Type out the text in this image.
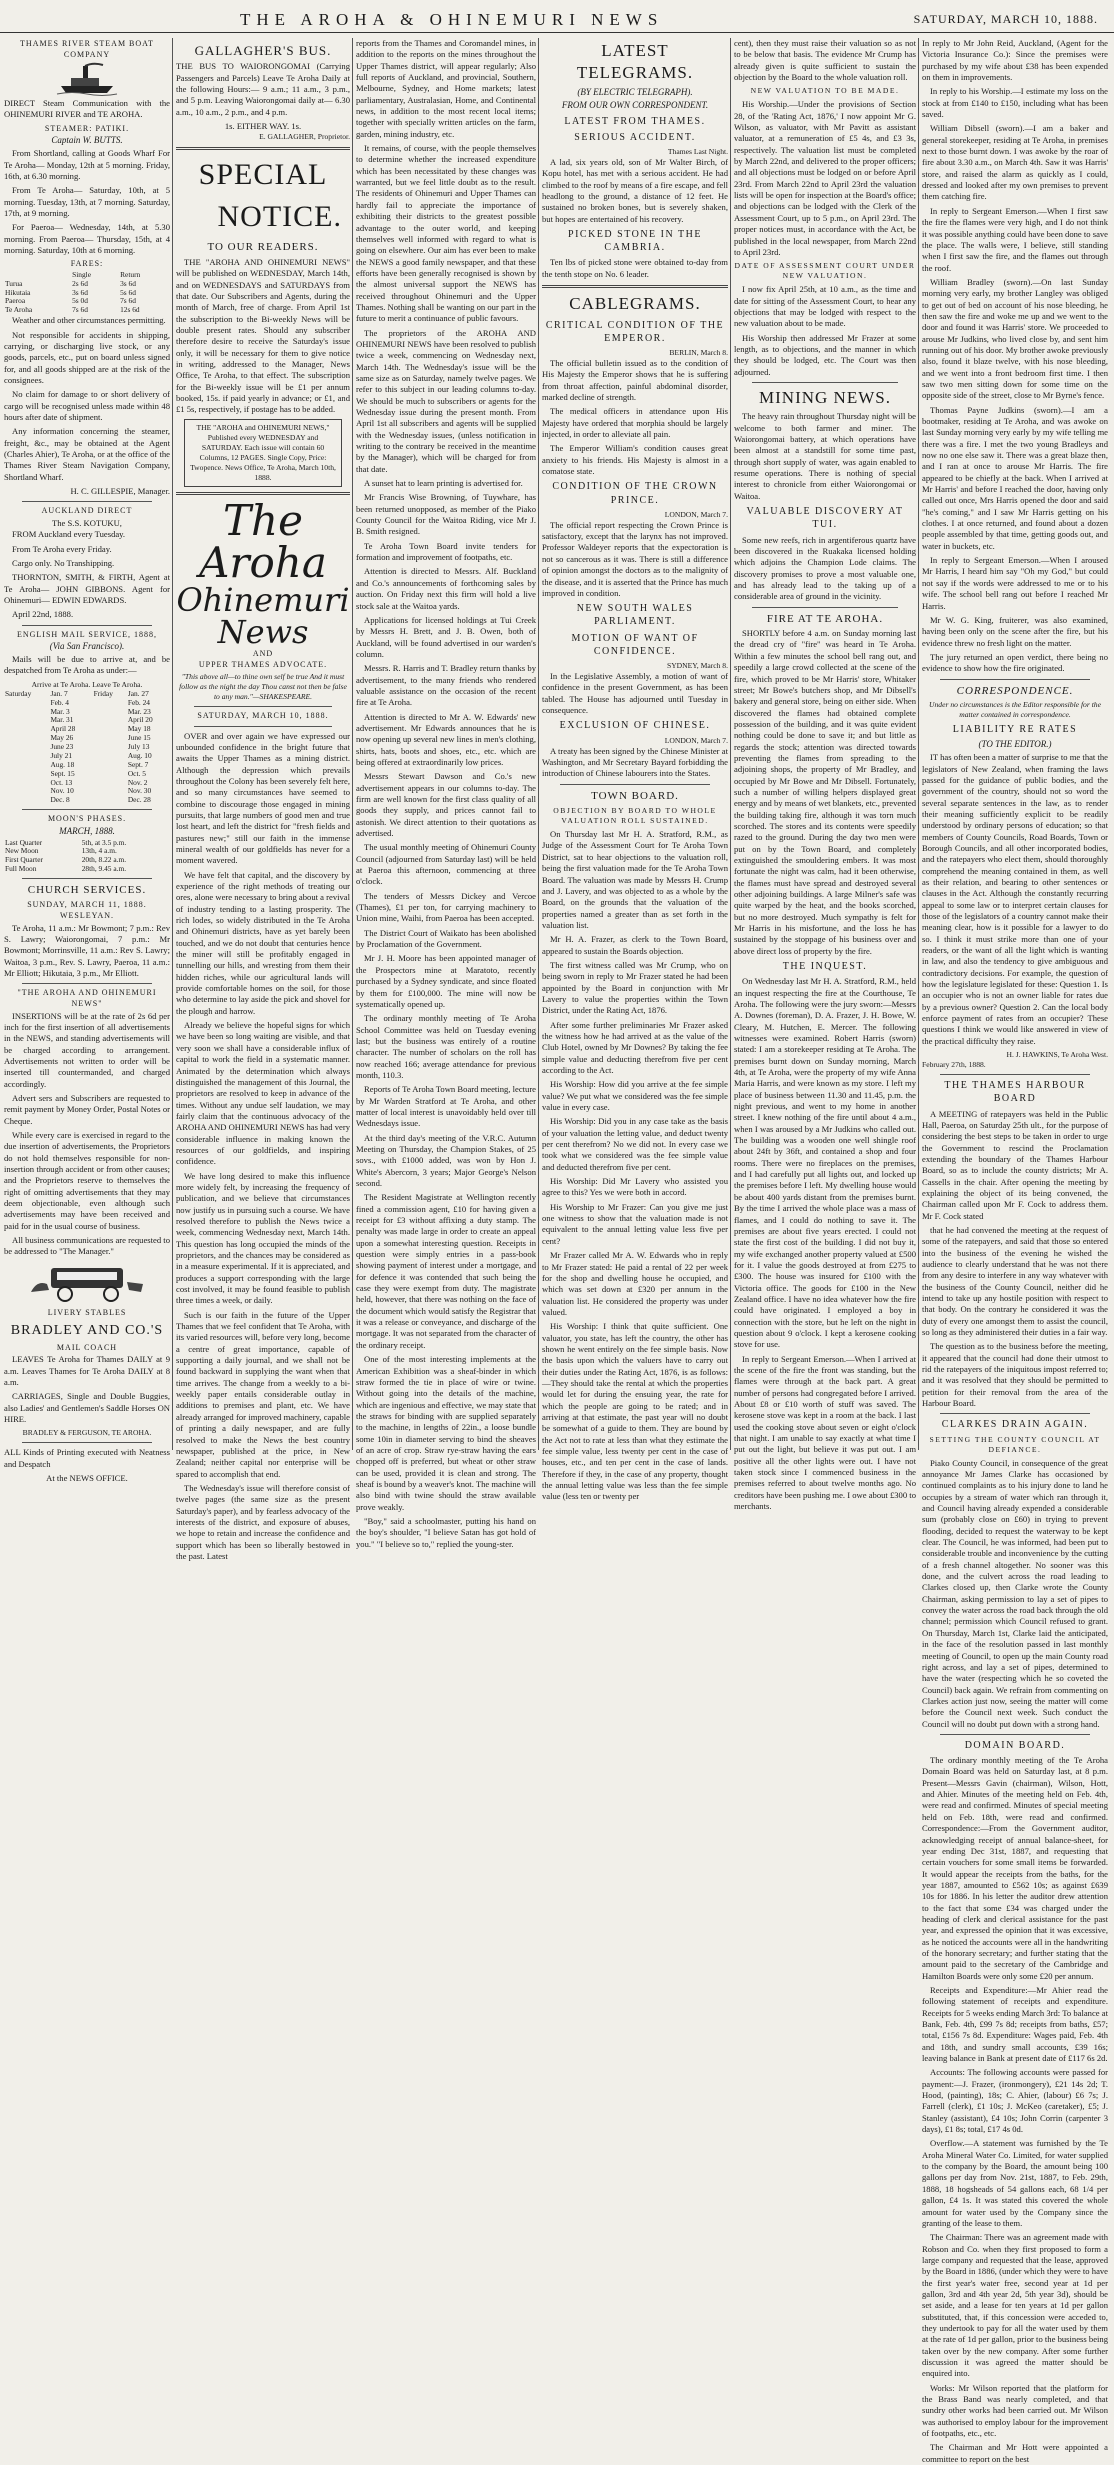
THE AROHA & OHINEMURI NEWS	SATURDAY, MARCH 10, 1888.
THAMES RIVER STEAM BOAT COMPANY

DIRECT Steam Communication with the OHINEMURI RIVER and TE AROHA.

STEAMER: PATIKI.
Captain W. BUTTS.

From Shortland, calling at Goods Wharf For Te Aroha— Monday, 12th at 5 morning. Friday, 16th, at 6.30 morning.

From Te Aroha— Saturday, 10th, at 5 morning. Tuesday, 13th, at 7 morning. Saturday, 17th, at 9 morning.

For Paeroa— Wednesday, 14th, at 5.30 morning. From Paeroa— Thursday, 15th, at 4 morning. Saturday, 10th at 6 morning.

FARES:
	Single	Return
Turua	2s 6d	3s 6d
Hikutaia	3s 6d	5s 6d
Paeroa	5s 0d	7s 6d
Te Aroha	7s 6d	12s 6d

Weather and other circumstances permitting.

Not responsible for accidents in shipping, carrying, or discharging live stock, or any goods, parcels, etc., put on board unless signed for, and all goods shipped are at the risk of the consignees.

No claim for damage to or short delivery of cargo will be recognised unless made within 48 hours after date of shipment.

Any information concerning the steamer, freight, &c., may be obtained at the Agent (Charles Ahier), Te Aroha, or at the office of the Thames River Steam Navigation Company, Shortland Wharf.

H. C. GILLESPIE, Manager.
AUCKLAND DIRECT
The S.S. KOTUKU,

FROM Auckland every Tuesday.

From Te Aroha every Friday.

Cargo only. No Transhipping.

THORNTON, SMITH, & FIRTH, Agent at Te Aroha— JOHN GIBBONS. Agent for Ohinemuri— EDWIN EDWARDS.

April 22nd, 1888.

ENGLISH MAIL SERVICE, 1888,
(Via San Francisco).

Mails will be due to arrive at, and be despatched from Te Aroha as under:—

Arrive at Te Aroha. Leave Te Aroha.
Saturday	Jan. 7	Friday	Jan. 27
	Feb. 4		Feb. 24
	Mar. 3		Mar. 23
	Mar. 31		April 20
	April 28		May 18
	May 26		June 15
	June 23		July 13
	July 21		Aug. 10
	Aug. 18		Sept. 7
	Sept. 15		Oct. 5
	Oct. 13		Nov. 2
	Nov. 10		Nov. 30
	Dec. 8		Dec. 28
MOON'S PHASES.
MARCH, 1888.
Last Quarter	5th, at 3.5 p.m.
New Moon	13th, 4 a.m.
First Quarter	20th, 8.22 a.m.
Full Moon	28th, 9.45 a.m.
CHURCH SERVICES.
SUNDAY, MARCH 11, 1888.
WESLEYAN.

Te Aroha, 11 a.m.: Mr Bowmont; 7 p.m.: Rev S. Lawry; Waiorongomai, 7 p.m.: Mr Bowmont; Morrinsville, 11 a.m.: Rev S. Lawry; Waitoa, 3 p.m., Rev. S. Lawry, Paeroa, 11 a.m.: Mr Elliott; Hikutaia, 3 p.m., Mr Elliott.

"THE AROHA AND OHINEMURI NEWS"

INSERTIONS will be at the rate of 2s 6d per inch for the first insertion of all advertisements in the NEWS, and standing advertisements will be charged according to arrangement. Advertisements not written to order will be inserted till countermanded, and charged accordingly.

Advert sers and Subscribers are requested to remit payment by Money Order, Postal Notes or Cheque.

While every care is exercised in regard to the due insertion of advertisements, the Proprietors do not hold themselves responsible for non-insertion through accident or from other causes; and the Proprietors reserve to themselves the right of omitting advertisements that they may deem objectionable, even although such advertisements may have been received and paid for in the usual course of business.

All business communications are requested to be addressed to "The Manager."

LIVERY STABLES
BRADLEY AND CO.'S
MAIL COACH

LEAVES Te Aroha for Thames DAILY at 9 a.m. Leaves Thames for Te Aroha DAILY at 8 a.m.

CARRIAGES, Single and Double Buggies, also Ladies' and Gentlemen's Saddle Horses ON HIRE.

BRADLEY & FERGUSON, TE AROHA.

ALL Kinds of Printing executed with Neatness and Despatch

At the NEWS OFFICE.
GALLAGHER'S BUS.

THE BUS TO WAIORONGOMAI (Carrying Passengers and Parcels) Leave Te Aroha Daily at the following Hours:— 9 a.m.; 11 a.m., 3 p.m., and 5 p.m. Leaving Waiorongomai daily at— 6.30 a.m., 10 a.m., 2 p.m., and 4 p.m.

1s. EITHER WAY. 1s.
E. GALLAGHER, Proprietor.
SPECIAL
NOTICE.
TO OUR READERS.

THE "AROHA AND OHINEMURI NEWS" will be published on WEDNESDAY, March 14th, and on WEDNESDAYS and SATURDAYS from that date. Our Subscribers and Agents, during the month of March, free of charge. From April 1st the subscription to the Bi-weekly News will be double present rates. Should any subscriber therefore desire to receive the Saturday's issue only, it will be necessary for them to give notice in writing, addressed to the Manager, News Office, Te Aroha, to that effect. The subscription for the Bi-weekly issue will be £1 per annum booked, 15s. if paid yearly in advance; or £1, and £1 5s, respectively, if postage has to be added.

THE "AROHA and OHINEMURI NEWS," Published every WEDNESDAY and SATURDAY. Each issue will contain 60 Columns, 12 PAGES. Single Copy, Price: Twopence. News Office, Te Aroha, March 10th, 1888.
The Aroha
Ohinemuri News
AND
UPPER THAMES ADVOCATE.
"This above all—to thine own self be true And it must follow as the night the day Thou canst not then be false to any man."—SHAKESPEARE.
SATURDAY, MARCH 10, 1888.

OVER and over again we have expressed our unbounded confidence in the bright future that awaits the Upper Thames as a mining district. Although the depression which prevails throughout the Colony has been severely felt here, and so many circumstances have seemed to combine to discourage those engaged in mining pursuits, that large numbers of good men and true lost heart, and left the district for "fresh fields and pastures new;" still our faith in the immense mineral wealth of our goldfields has never for a moment wavered.

We have felt that capital, and the discovery by experience of the right methods of treating our ores, alone were necessary to bring about a revival of industry tending to a lasting prosperity. The rich lodes, so widely distributed in the Te Aroha and Ohinemuri districts, have as yet barely been touched, and we do not doubt that centuries hence the miner will still be profitably engaged in tunnelling our hills, and wresting from them their hidden riches, while our agricultural lands will provide comfortable homes on the soil, for those who determine to lay aside the pick and shovel for the plough and harrow.

Already we believe the hopeful signs for which we have been so long waiting are visible, and that very soon we shall have a considerable influx of capital to work the field in a systematic manner. Animated by the determination which always distinguished the management of this Journal, the proprietors are resolved to keep in advance of the times. Without any undue self laudation, we may fairly claim that the continuous advocacy of the AROHA AND OHINEMURI NEWS has had very considerable influence in making known the resources of our goldfields, and inspiring confidence.

We have long desired to make this influence more widely felt, by increasing the frequency of publication, and we believe that circumstances now justify us in pursuing such a course. We have resolved therefore to publish the News twice a week, commencing Wednesday next, March 14th. This question has long occupied the minds of the proprietors, and the chances may be considered as in a measure experimental. If it is appreciated, and produces a support corresponding with the large cost involved, it may be found feasible to publish three times a week, or daily.

Such is our faith in the future of the Upper Thames that we feel confident that Te Aroha, with its varied resources will, before very long, become a centre of great importance, capable of supporting a daily journal, and we shall not be found backward in supplying the want when that time arrives. The change from a weekly to a bi-weekly paper entails considerable outlay in additions to premises and plant, etc. We have already arranged for improved machinery, capable of printing a daily newspaper, and are fully resolved to make the News the best country newspaper, published at the price, in New Zealand; neither capital nor enterprise will be spared to accomplish that end.

The Wednesday's issue will therefore consist of twelve pages (the same size as the present Saturday's paper), and by fearless advocacy of the interests of the district, and exposure of abuses, we hope to retain and increase the confidence and support which has been so liberally bestowed in the past. Latest

reports from the Thames and Coromandel mines, in addition to the reports on the mines throughout the Upper Thames district, will appear regularly; Also full reports of Auckland, and provincial, Southern, Melbourne, Sydney, and Home markets; latest parliamentary, Australasian, Home, and Continental news, in addition to the most recent local items; together with specially written articles on the farm, garden, mining industry, etc.

It remains, of course, with the people themselves to determine whether the increased expenditure which has been necessitated by these changes was warranted, but we feel little doubt as to the result. The residents of Ohinemuri and Upper Thames can hardly fail to appreciate the importance of exhibiting their districts to the greatest possible advantage to the outer world, and keeping themselves well informed with regard to what is going on elsewhere. Our aim has ever been to make the NEWS a good family newspaper, and that these efforts have been generally recognised is shown by the almost universal support the NEWS has received throughout Ohinemuri and the Upper Thames. Nothing shall be wanting on our part in the future to merit a continuance of public favours.

The proprietors of the AROHA AND OHINEMURI NEWS have been resolved to publish twice a week, commencing on Wednesday next, March 14th. The Wednesday's issue will be the same size as on Saturday, namely twelve pages. We refer to this subject in our leading columns to-day. We should be much to subscribers or agents for the Wednesday issue during the present month. From April 1st all subscribers and agents will be supplied with the Wednesday issues, (unless notification in writing to the contrary be received in the meantime by the Manager), which will be charged for from that date.

A sunset hat to learn printing is advertised for.

Mr Francis Wise Browning, of Tuywhare, has been returned unopposed, as member of the Piako County Council for the Waitoa Riding, vice Mr J. B. Smith resigned.

Te Aroha Town Board invite tenders for formation and improvement of footpaths, etc.

Attention is directed to Messrs. Alf. Buckland and Co.'s announcements of forthcoming sales by auction. On Friday next this firm will hold a live stock sale at the Waitoa yards.

Applications for licensed holdings at Tui Creek by Messrs H. Brett, and J. B. Owen, both of Auckland, will be found advertised in our warden's column.

Messrs. R. Harris and T. Bradley return thanks by advertisement, to the many friends who rendered valuable assistance on the occasion of the recent fire at Te Aroha.

Attention is directed to Mr A. W. Edwards' new advertisement. Mr Edwards announces that he is now opening up several new lines in men's clothing, shirts, hats, boots and shoes, etc., etc. which are being offered at extraordinarily low prices.

Messrs Stewart Dawson and Co.'s new advertisement appears in our columns to-day. The firm are well known for the first class quality of all goods they supply, and prices cannot fail to astonish. We direct attention to their quotations as advertised.

The usual monthly meeting of Ohinemuri County Council (adjourned from Saturday last) will be held at Paeroa this afternoon, commencing at three o'clock.

The tenders of Messrs Dickey and Vercoe (Thames), £1 per ton, for carrying machinery to Union mine, Waihi, from Paeroa has been accepted.

The District Court of Waikato has been abolished by Proclamation of the Government.

Mr J. H. Moore has been appointed manager of the Prospectors mine at Maratoto, recently purchased by a Sydney syndicate, and since floated by them for £100,000. The mine will now be systematically opened up.

The ordinary monthly meeting of Te Aroha School Committee was held on Tuesday evening last; but the business was entirely of a routine character. The number of scholars on the roll has now reached 166; average attendance for previous month, 110.3.

Reports of Te Aroha Town Board meeting, lecture by Mr Warden Stratford at Te Aroha, and other matter of local interest is unavoidably held over till Wednesdays issue.

At the third day's meeting of the V.R.C. Autumn Meeting on Thursday, the Champion Stakes, of 25 sovs., with £1000 added, was won by Hon J. White's Abercorn, 3 years; Major George's Nelson second.

The Resident Magistrate at Wellington recently fined a commission agent, £10 for having given a receipt for £3 without affixing a duty stamp. The penalty was made large in order to create an appeal upon a somewhat interesting question. Receipts in question were simply entries in a pass-book showing payment of interest under a mortgage, and for defence it was contended that such being the case they were exempt from duty. The magistrate held, however, that there was nothing on the face of the document which would satisfy the Registrar that it was a release or conveyance, and discharge of the mortgage. It was not separated from the character of the ordinary receipt.

One of the most interesting implements at the American Exhibition was a sheaf-binder in which straw formed the tie in place of wire or twine. Without going into the details of the machine, which are ingenious and effective, we may state that the straws for binding with are supplied separately to the machine, in lengths of 22in., a loose bundle some 10in in diameter serving to bind the sheaves of an acre of crop. Straw rye-straw having the ears chopped off is preferred, but wheat or other straw can be used, provided it is clean and strong. The sheaf is bound by a weaver's knot. The machine will also bind with twine should the straw available prove weakly.

"Boy," said a schoolmaster, putting his hand on the boy's shoulder, "I believe Satan has got hold of you." "I believe so to," replied the young-ster.

LATEST TELEGRAMS.
(BY ELECTRIC TELEGRAPH).
FROM OUR OWN CORRESPONDENT.
LATEST FROM THAMES.
SERIOUS ACCIDENT.
Thames Last Night.

A lad, six years old, son of Mr Walter Birch, of Kopu hotel, has met with a serious accident. He had climbed to the roof by means of a fire escape, and fell headlong to the ground, a distance of 12 feet. He sustained no broken bones, but is severely shaken, but hopes are entertained of his recovery.

PICKED STONE IN THE CAMBRIA.

Ten lbs of picked stone were obtained to-day from the tenth stope on No. 6 leader.

CABLEGRAMS.
CRITICAL CONDITION OF THE EMPEROR.
BERLIN, March 8.

The official bulletin issued as to the condition of His Majesty the Emperor shows that he is suffering from throat affection, painful abdominal disorder, marked decline of strength.

The medical officers in attendance upon His Majesty have ordered that morphia should be largely injected, in order to alleviate all pain.

The Emperor William's condition causes great anxiety to his friends. His Majesty is almost in a comatose state.

CONDITION OF THE CROWN PRINCE.
LONDON, March 7.

The official report respecting the Crown Prince is satisfactory, except that the larynx has not improved. Professor Waldeyer reports that the expectoration is not so cancerous as it was. There is still a difference of opinion amongst the doctors as to the malignity of the disease, and it is asserted that the Prince has much improved in condition.

NEW SOUTH WALES PARLIAMENT.
MOTION OF WANT OF CONFIDENCE.
SYDNEY, March 8.

In the Legislative Assembly, a motion of want of confidence in the present Government, as has been tabled. The House has adjourned until Tuesday in consequence.

EXCLUSION OF CHINESE.
LONDON, March 7.

A treaty has been signed by the Chinese Minister at Washington, and Mr Secretary Bayard forbidding the introduction of Chinese labourers into the States.

TOWN BOARD.
OBJECTION BY BOARD TO WHOLE VALUATION ROLL SUSTAINED.

On Thursday last Mr H. A. Stratford, R.M., as Judge of the Assessment Court for Te Aroha Town District, sat to hear objections to the valuation roll, being the first valuation made for the Te Aroha Town Board. The valuation was made by Messrs H. Crump and J. Lavery, and was objected to as a whole by the Board, on the grounds that the valuation of the properties named a greater than as set forth in the valuation list.

Mr H. A. Frazer, as clerk to the Town Board, appeared to sustain the Boards objection.

The first witness called was Mr Crump, who on being sworn in reply to Mr Frazer stated he had been appointed by the Board in conjunction with Mr Lavery to value the properties within the Town District, under the Rating Act, 1876.

After some further preliminaries Mr Frazer asked the witness how he had arrived at as the value of the Club Hotel, owned by Mr Downes? By taking the fee simple value and deducting therefrom five per cent according to the Act.

His Worship: How did you arrive at the fee simple value? We put what we considered was the fee simple value in every case.

His Worship: Did you in any case take as the basis of your valuation the letting value, and deduct twenty per cent therefrom? No we did not. In every case we took what we considered was the fee simple value and deducted therefrom five per cent.

His Worship: Did Mr Lavery who assisted you agree to this? Yes we were both in accord.

His Worship to Mr Frazer: Can you give me just one witness to show that the valuation made is not equivalent to the annual letting value less five per cent?

Mr Frazer called Mr A. W. Edwards who in reply to Mr Frazer stated: He paid a rental of 22 per week for the shop and dwelling house he occupied, and which was set down at £320 per annum in the valuation list. He considered the property was under valued.

His Worship: I think that quite sufficient. One valuator, you state, has left the country, the other has shown he went entirely on the fee simple basis. Now the basis upon which the valuers have to carry out their duties under the Rating Act, 1876, is as follows:—They should take the rental at which the properties would let for during the ensuing year, the rate for which the people are going to be rated; and in arriving at that estimate, the past year will no doubt be somewhat of a guide to them. They are bound by the Act not to rate at less than what they estimate the fee simple value, less twenty per cent in the case of houses, etc., and ten per cent in the case of lands. Therefore if they, in the case of any property, thought the annual letting value was less than the fee simple value (less ten or twenty per

cent), then they must raise their valuation so as not to be below that basis. The evidence Mr Crump has already given is quite sufficient to sustain the objection by the Board to the whole valuation roll.

NEW VALUATION TO BE MADE.

His Worship.—Under the provisions of Section 28, of the 'Rating Act, 1876,' I now appoint Mr G. Wilson, as valuator, with Mr Pavitt as assistant valuator, at a remuneration of £5 4s, and £3 3s, respectively. The valuation list must be completed by March 22nd, and delivered to the proper officers; and all objections must be lodged on or before April 23rd. From March 22nd to April 23rd the valuation lists will be open for inspection at the Board's office; and objections can be lodged with the Clerk of the Assessment Court, up to 5 p.m., on April 23rd. The proper notices must, in accordance with the Act, be published in the local newspaper, from March 22nd to April 23rd.

DATE OF ASSESSMENT COURT UNDER NEW VALUATION.

I now fix April 25th, at 10 a.m., as the time and date for sitting of the Assessment Court, to hear any objections that may be lodged with respect to the new valuation about to be made.

His Worship then addressed Mr Frazer at some length, as to objections, and the manner in which they should be lodged, etc. The Court was then adjourned.

MINING NEWS.

The heavy rain throughout Thursday night will be welcome to both farmer and miner. The Waiorongomai battery, at which operations have been almost at a standstill for some time past, through short supply of water, was again enabled to resume operations. There is nothing of special interest to chronicle from either Waiorongomai or Waitoa.

VALUABLE DISCOVERY AT TUI.

Some new reefs, rich in argentiferous quartz have been discovered in the Ruakaka licensed holding which adjoins the Champion Lode claims. The discovery promises to prove a most valuable one, and has already lead to the taking up of a considerable area of ground in the vicinity.

FIRE AT TE AROHA.

SHORTLY before 4 a.m. on Sunday morning last the dread cry of "fire" was heard in Te Aroha. Within a few minutes the school bell rang out, and speedily a large crowd collected at the scene of the fire, which proved to be Mr Harris' store, Whitaker street; Mr Bowe's butchers shop, and Mr Dibsell's bakery and general store, being on either side. When discovered the flames had obtained complete possession of the building, and it was quite evident nothing could be done to save it; and but little as regards the stock; attention was directed towards preventing the flames from spreading to the adjoining shops, the property of Mr Bradley, and occupied by Mr Bowe and Mr Dibsell. Fortunately, such a number of willing helpers displayed great energy and by means of wet blankets, etc., prevented the building taking fire, although it was torn much scorched. The stores and its contents were speedily razed to the ground. During the day two men were put on by the Town Board, and completely extinguished the smouldering embers. It was most fortunate the night was calm, had it been otherwise, the flames must have spread and destroyed several other adjoining buildings. A large Milner's safe was quite warped by the heat, and the books scorched, but no more destroyed. Much sympathy is felt for Mr Harris in his misfortune, and the loss he has sustained by the stoppage of his business over and above direct loss of property by the fire.

THE INQUEST.

On Wednesday last Mr H. A. Stratford, R.M., held an inquest respecting the fire at the Courthouse, Te Aroha. The following were the jury sworn:—Messrs A. Downes (foreman), D. A. Frazer, J. H. Bowe, W. Cleary, M. Hutchen, E. Mercer. The following witnesses were examined. Robert Harris (sworn) stated: I am a storekeeper residing at Te Aroha. The premises burnt down on Sunday morning, March 4th, at Te Aroha, were the property of my wife Anna Maria Harris, and were known as my store. I left my place of business between 11.30 and 11.45, p.m. the night previous, and went to my home in another street. I knew nothing of the fire until about 4 a.m., when I was aroused by a Mr Judkins who called out. The building was a wooden one well shingle roof about 24ft by 36ft, and contained a shop and four rooms. There were no fireplaces on the premises, and I had carefully put all lights out, and locked up the premises before I left. My dwelling house would be about 400 yards distant from the premises burnt. By the time I arrived the whole place was a mass of flames, and I could do nothing to save it. The premises are about five years erected. I could not state the first cost of the building. I did not buy it, my wife exchanged another property valued at £500 for it. I value the goods destroyed at from £275 to £300. The house was insured for £100 with the Victoria office. The goods for £100 in the New Zealand office. I have no idea whatever how the fire could have originated. I employed a boy in connection with the store, but he left on the night in question about 9 o'clock. I kept a kerosene cooking stove for use.

In reply to Sergeant Emerson.—When I arrived at the scene of the fire the front was standing, but the flames were through at the back part. A great number of persons had congregated before I arrived. About £8 or £10 worth of stuff was saved. The kerosene stove was kept in a room at the back. I last used the cooking stove about seven or eight o'clock that night. I am unable to say exactly at what time I put out the light, but believe it was put out. I am positive all the other lights were out. I have not taken stock since I commenced business in the premises referred to about twelve months ago. No creditors have been pushing me. I owe about £300 to merchants.

In reply to Mr John Reid, Auckland, (Agent for the Victoria Insurance Co.): Since the premises were purchased by my wife about £38 has been expended on them in improvements.

In reply to his Worship.—I estimate my loss on the stock at from £140 to £150, including what has been saved.

William Dibsell (sworn).—I am a baker and general storekeeper, residing at Te Aroha, in premises next to those burnt down. I was awoke by the roar of fire about 3.30 a.m., on March 4th. Saw it was Harris' store, and raised the alarm as quickly as I could, dressed and looked after my own premises to prevent them catching fire.

In reply to Sergeant Emerson.—When I first saw the fire the flames were very high, and I do not think it was possible anything could have been done to save the place. The walls were, I believe, still standing when I first saw the fire, and the flames out through the roof.

William Bradley (sworn).—On last Sunday morning very early, my brother Langley was obliged to get out of bed on account of his nose bleeding, he then saw the fire and woke me up and we went to the door and found it was Harris' store. We proceeded to arouse Mr Judkins, who lived close by, and sent him running out of his door. My brother awoke previously also, found it blaze twelve, with his nose bleeding, and we went into a front bedroom first time. I then saw two men sitting down for some time on the opposite side of the street, close to Mr Byrne's fence.

Thomas Payne Judkins (sworn).—I am a bootmaker, residing at Te Aroha, and was awoke on last Sunday morning very early by my wife telling me there was a fire. I met the two young Bradleys and now no one else saw it. There was a great blaze then, and I ran at once to arouse Mr Harris. The fire appeared to be chiefly at the back. When I arrived at Mr Harris' and before I reached the door, having only called out once, Mrs Harris opened the door and said "he's coming," and I saw Mr Harris getting on his clothes. I at once returned, and found about a dozen people assembled by that time, getting goods out, and water in buckets, etc.

In reply to Sergeant Emerson.—When I aroused Mr Harris, I heard him say "Oh my God," but could not say if the words were addressed to me or to his wife. The school bell rang out before I reached Mr Harris.

Mr W. G. King, fruiterer, was also examined, having been only on the scene after the fire, but his evidence threw no fresh light on the matter.

The jury returned an open verdict, there being no evidence to show how the fire originated.

CORRESPONDENCE.
Under no circumstances is the Editor responsible for the matter contained in correspondence.
LIABILITY RE RATES
(TO THE EDITOR.)

IT has often been a matter of surprise to me that the legislators of New Zealand, when framing the laws passed for the guidance of public bodies, and the government of the country, should not so word the several separate sentences in the law, as to render their meaning sufficiently explicit to be readily understood by ordinary persons of education; so that members of County Councils, Road Boards, Town or Borough Councils, and all other incorporated bodies, and the ratepayers who elect them, should thoroughly comprehend the meaning contained in them, as well as their relation, and bearing to other sentences or clauses in the Act. Although the constantly recurring appeal to some law or to interpret certain clauses for those of the legislators of a country cannot make their meaning clear, how is it possible for a lawyer to do so. I think it must strike more than one of your readers, or the want of all the light which is wanting in law, and also the tendency to give ambiguous and contradictory decisions. For example, the question of how the legislature legislated for these: Question 1. Is an occupier who is not an owner liable for rates due by a previous owner? Question 2. Can the local body enforce payment of rates from an occupier? These questions I think we would like answered in view of the practical difficulty they raise.

H. J. HAWKINS, Te Aroha West.
February 27th, 1888.
THE THAMES HARBOUR BOARD

A MEETING of ratepayers was held in the Public Hall, Paeroa, on Saturday 25th ult., for the purpose of considering the best steps to be taken in order to urge the Government to rescind the Proclamation extending the boundary of the Thames Harbour Board, so as to include the county districts; Mr A. Cassells in the chair. After opening the meeting by explaining the object of its being convened, the Chairman called upon Mr F. Cock to address them. Mr F. Cock stated

that he had convened the meeting at the request of some of the ratepayers, and said that those so entered into the business of the evening he wished the audience to clearly understand that he was not there from any desire to interfere in any way whatever with the business of the County Council, neither did he intend to take up any hostile position with respect to that body. On the contrary he considered it was the duty of every one amongst them to assist the council, so long as they administered their duties in a fair way.

The question as to the business before the meeting, it appeared that the council had done their utmost to rid the ratepayers of the iniquitous impost referred to; and it was resolved that they should be permitted to petition for their removal from the area of the Harbour Board.

CLARKES DRAIN AGAIN.
SETTING THE COUNTY COUNCIL AT DEFIANCE.

Piako County Council, in consequence of the great annoyance Mr James Clarke has occasioned by continued complaints as to his injury done to land he occupies by a stream of water which ran through it, and Council having already expended a considerable sum (probably close on £60) in trying to prevent flooding, decided to request the waterway to be kept clear. The Council, he was informed, had been put to considerable trouble and inconvenience by the cutting of a fresh channel altogether. No sooner was this done, and the culvert across the road leading to Clarkes closed up, then Clarke wrote the County Chairman, asking permission to lay a set of pipes to convey the water across the road back through the old channel; permission which Council refused to grant. On Thursday, March 1st, Clarke laid the anticipated, in the face of the resolution passed in last monthly meeting of Council, to open up the main County road right across, and lay a set of pipes, determined to have the water (respecting which he so coveted the Council) back again. We refrain from commenting on Clarkes action just now, seeing the matter will come before the Council next week. Such conduct the Council will no doubt put down with a strong hand.

DOMAIN BOARD.

The ordinary monthly meeting of the Te Aroha Domain Board was held on Saturday last, at 8 p.m. Present—Messrs Gavin (chairman), Wilson, Hott, and Ahier. Minutes of the meeting held on Feb. 4th, were read and confirmed. Minutes of special meeting held on Feb. 18th, were read and confirmed. Correspondence:—From the Government auditor, acknowledging receipt of annual balance-sheet, for year ending Dec 31st, 1887, and requesting that certain vouchers for some small items be forwarded. It would appear the receipts from the baths, for the year 1887, amounted to £562 10s; as against £639 10s for 1886. In his letter the auditor drew attention to the fact that some £34 was charged under the heading of clerk and clerical assistance for the past year, and expressed the opinion that it was excessive, as he noticed the accounts were all in the handwriting of the honorary secretary; and further stating that the amount paid to the secretary of the Cambridge and Hamilton Boards were only some £20 per annum.

Receipts and Expenditure:—Mr Ahier read the following statement of receipts and expenditure. Receipts for 5 weeks ending March 3rd: To balance at Bank, Feb. 4th, £99 7s 8d; receipts from baths, £57; total, £156 7s 8d. Expenditure: Wages paid, Feb. 4th and 18th, and sundry small accounts, £39 16s; leaving balance in Bank at present date of £117 6s 2d.

Accounts: The following accounts were passed for payment:—J. Frazer, (ironmongery), £21 14s 2d; T. Hood, (painting), 18s; C. Ahier, (labour) £6 7s; J. Farrell (clerk), £1 10s; J. McKeo (caretaker), £5; J. Stanley (assistant), £4 10s; John Corrin (carpenter 3 days), £1 8s; total, £17 4s 0d.

Overflow.—A statement was furnished by the Te Aroha Mineral Water Co. Limited, for water supplied to the company by the Board, the amount being 100 gallons per day from Nov. 21st, 1887, to Feb. 29th, 1888, 18 hogsheads of 54 gallons each, 68 1/4 per gallon, £4 1s. It was stated this covered the whole amount for water used by the Company since the granting of the lease to them.

The Chairman: There was an agreement made with Robson and Co. when they first proposed to form a large company and requested that the lease, approved by the Board in 1886, (under which they were to have the first year's water free, second year at 1d per gallon, 3rd and 4th year 2d, 5th year 3d), should be set aside, and a lease for ten years at 1d per gallon substituted, that, if this concession were acceded to, they undertook to pay for all the water used by them at the rate of 1d per gallon, prior to the business being taken over by the new company. After some further discussion it was agreed the matter should be enquired into.

Works: Mr Wilson reported that the platform for the Brass Band was nearly completed, and that sundry other works had been carried out. Mr Wilson was authorised to employ labour for the improvement of footpaths, etc., etc.

The Chairman and Mr Hott were appointed a committee to report on the best
